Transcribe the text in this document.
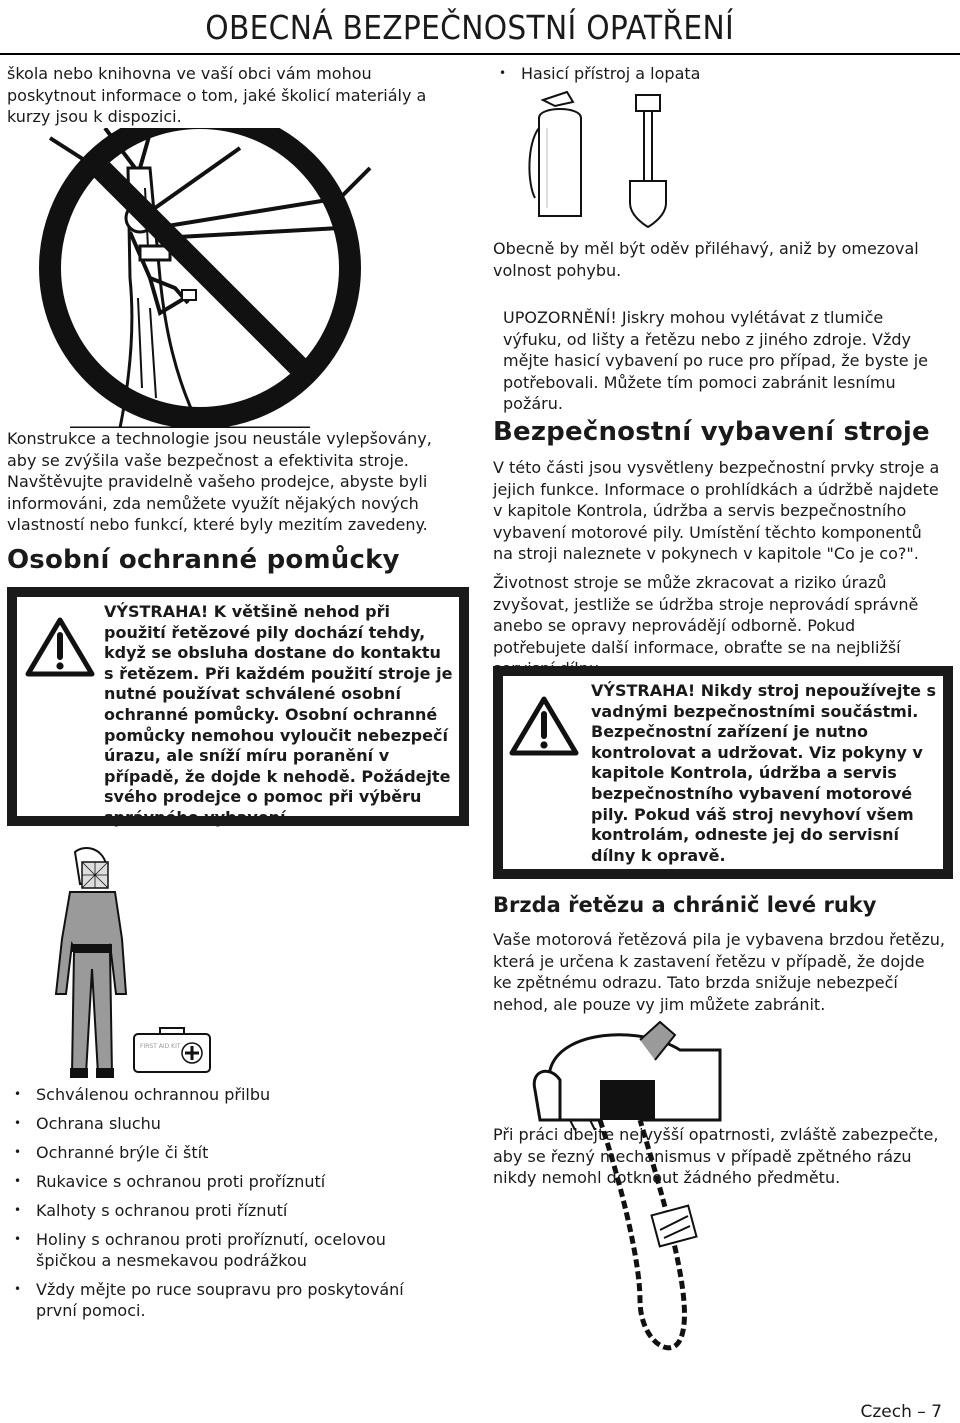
OBECNÁ BEZPEČNOSTNÍ OPATŘENÍ

škola nebo knihovna ve vaší obci vám mohou poskytnout informace o tom, jaké školicí materiály a kurzy jsou k dispozici.

Konstrukce a technologie jsou neustále vylepšovány, aby se zvýšila vaše bezpečnost a efektivita stroje. Navštěvujte pravidelně vašeho prodejce, abyste byli informováni, zda nemůžete využít nějakých nových vlastností nebo funkcí, které byly mezitím zavedeny.

Osobní ochranné pomůcky

VÝSTRAHA! K většině nehod při použití řetězové pily dochází tehdy, když se obsluha dostane do kontaktu s řetězem. Při každém použití stroje je nutné používat schválené osobní ochranné pomůcky. Osobní ochranné pomůcky nemohou vyloučit nebezpečí úrazu, ale sníží míru poranění v případě, že dojde k nehodě. Požádejte svého prodejce o pomoc při výběru správného vybavení.

FIRST AID KIT
• Schválenou ochrannou přilbu
• Ochrana sluchu
• Ochranné brýle či štít
• Rukavice s ochranou proti proříznutí
• Kalhoty s ochranou proti říznutí
• Holiny s ochranou proti proříznutí, ocelovou špičkou a nesmekavou podrážkou
• Vždy mějte po ruce soupravu pro poskytování první pomoci.
• Hasicí přístroj a lopata

Obecně by měl být oděv přiléhavý, aniž by omezoval volnost pohybu.

UPOZORNĚNÍ! Jiskry mohou vylétávat z tlumiče výfuku, od lišty a řetězu nebo z jiného zdroje. Vždy mějte hasicí vybavení po ruce pro případ, že byste je potřebovali. Můžete tím pomoci zabránit lesnímu požáru.

Bezpečnostní vybavení stroje

V této části jsou vysvětleny bezpečnostní prvky stroje a jejich funkce. Informace o prohlídkách a údržbě najdete v kapitole Kontrola, údržba a servis bezpečnostního vybavení motorové pily. Umístění těchto komponentů na stroji naleznete v pokynech v kapitole "Co je co?".

Životnost stroje se může zkracovat a riziko úrazů zvyšovat, jestliže se údržba stroje neprovádí správně anebo se opravy neprovádějí odborně. Pokud potřebujete další informace, obraťte se na nejbližší

VÝSTRAHA! Nikdy stroj nepoužívejte s vadnými bezpečnostními součástmi. Bezpečnostní zařízení je nutno kontrolovat a udržovat. Viz pokyny v kapitole Kontrola, údržba a servis bezpečnostního vybavení motorové pily. Pokud váš stroj nevyhoví všem kontrolám, odneste jej do servisní dílny k opravě.

Brzda řetězu a chránič levé ruky

Vaše motorová řetězová pila je vybavena brzdou řetězu, která je určena k zastavení řetězu v případě, že dojde ke zpětnému odrazu. Tato brzda snižuje nebezpečí nehod, ale pouze vy jim můžete zabránit.

Při práci dbejte nejvyšší opatrnosti, zvláště zabezpečte, aby se řezný mechanismus v případě zpětného rázu nikdy nemohl dotknout žádného předmětu.

Czech – 7
